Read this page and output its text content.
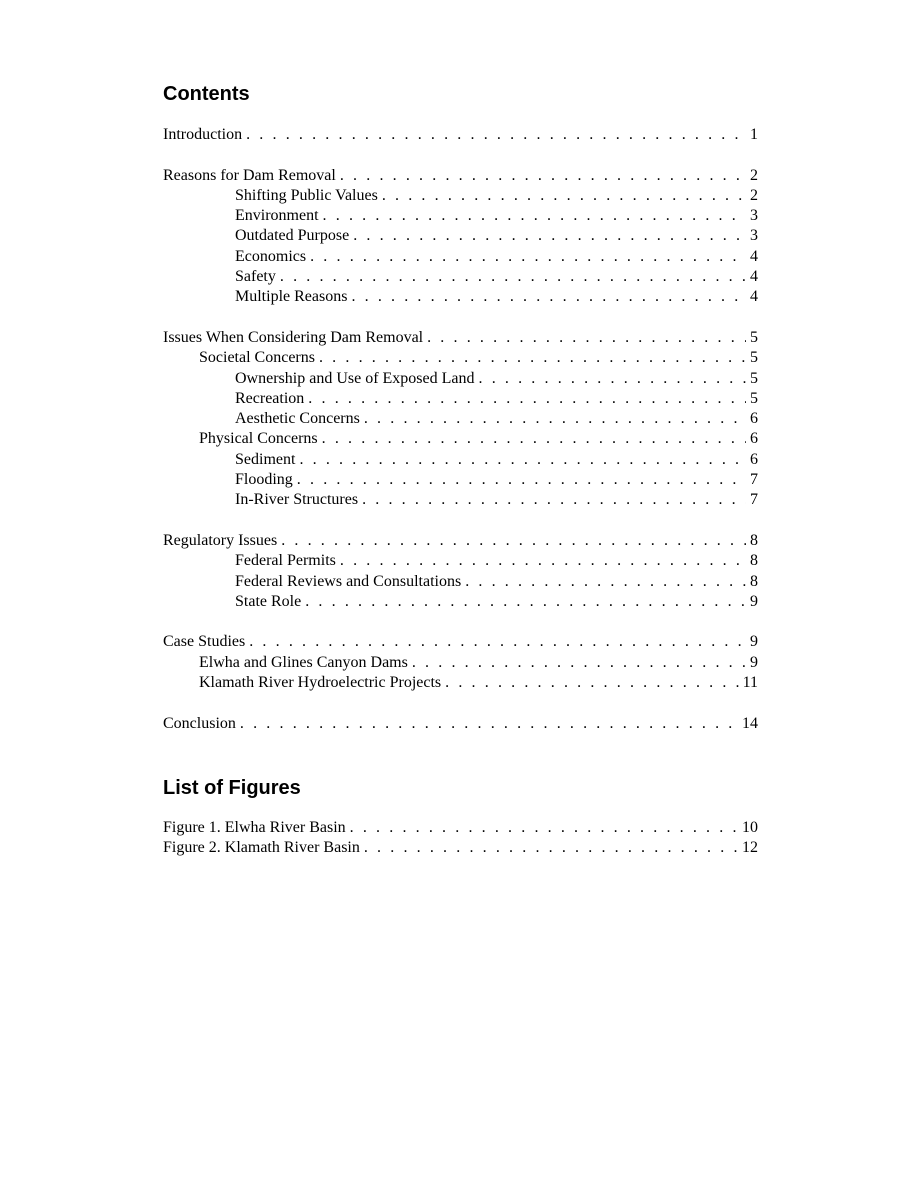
Contents
Introduction . . .	1
Reasons for Dam Removal . . .	2
Shifting Public Values . . .	2
Environment . . .	3
Outdated Purpose . . .	3
Economics . . .	4
Safety . . .	4
Multiple Reasons . . .	4
Issues When Considering Dam Removal . . .	5
Societal Concerns . . .	5
Ownership and Use of Exposed Land . . .	5
Recreation . . .	5
Aesthetic Concerns . . .	6
Physical Concerns . . .	6
Sediment . . .	6
Flooding . . .	7
In-River Structures . . .	7
Regulatory Issues . . .	8
Federal Permits . . .	8
Federal Reviews and Consultations . . .	8
State Role . . .	9
Case Studies . . .	9
Elwha and Glines Canyon Dams . . .	9
Klamath River Hydroelectric Projects . . .	11
Conclusion . . .	14
List of Figures
Figure 1. Elwha River Basin . . .	10
Figure 2. Klamath River Basin . . .	12
